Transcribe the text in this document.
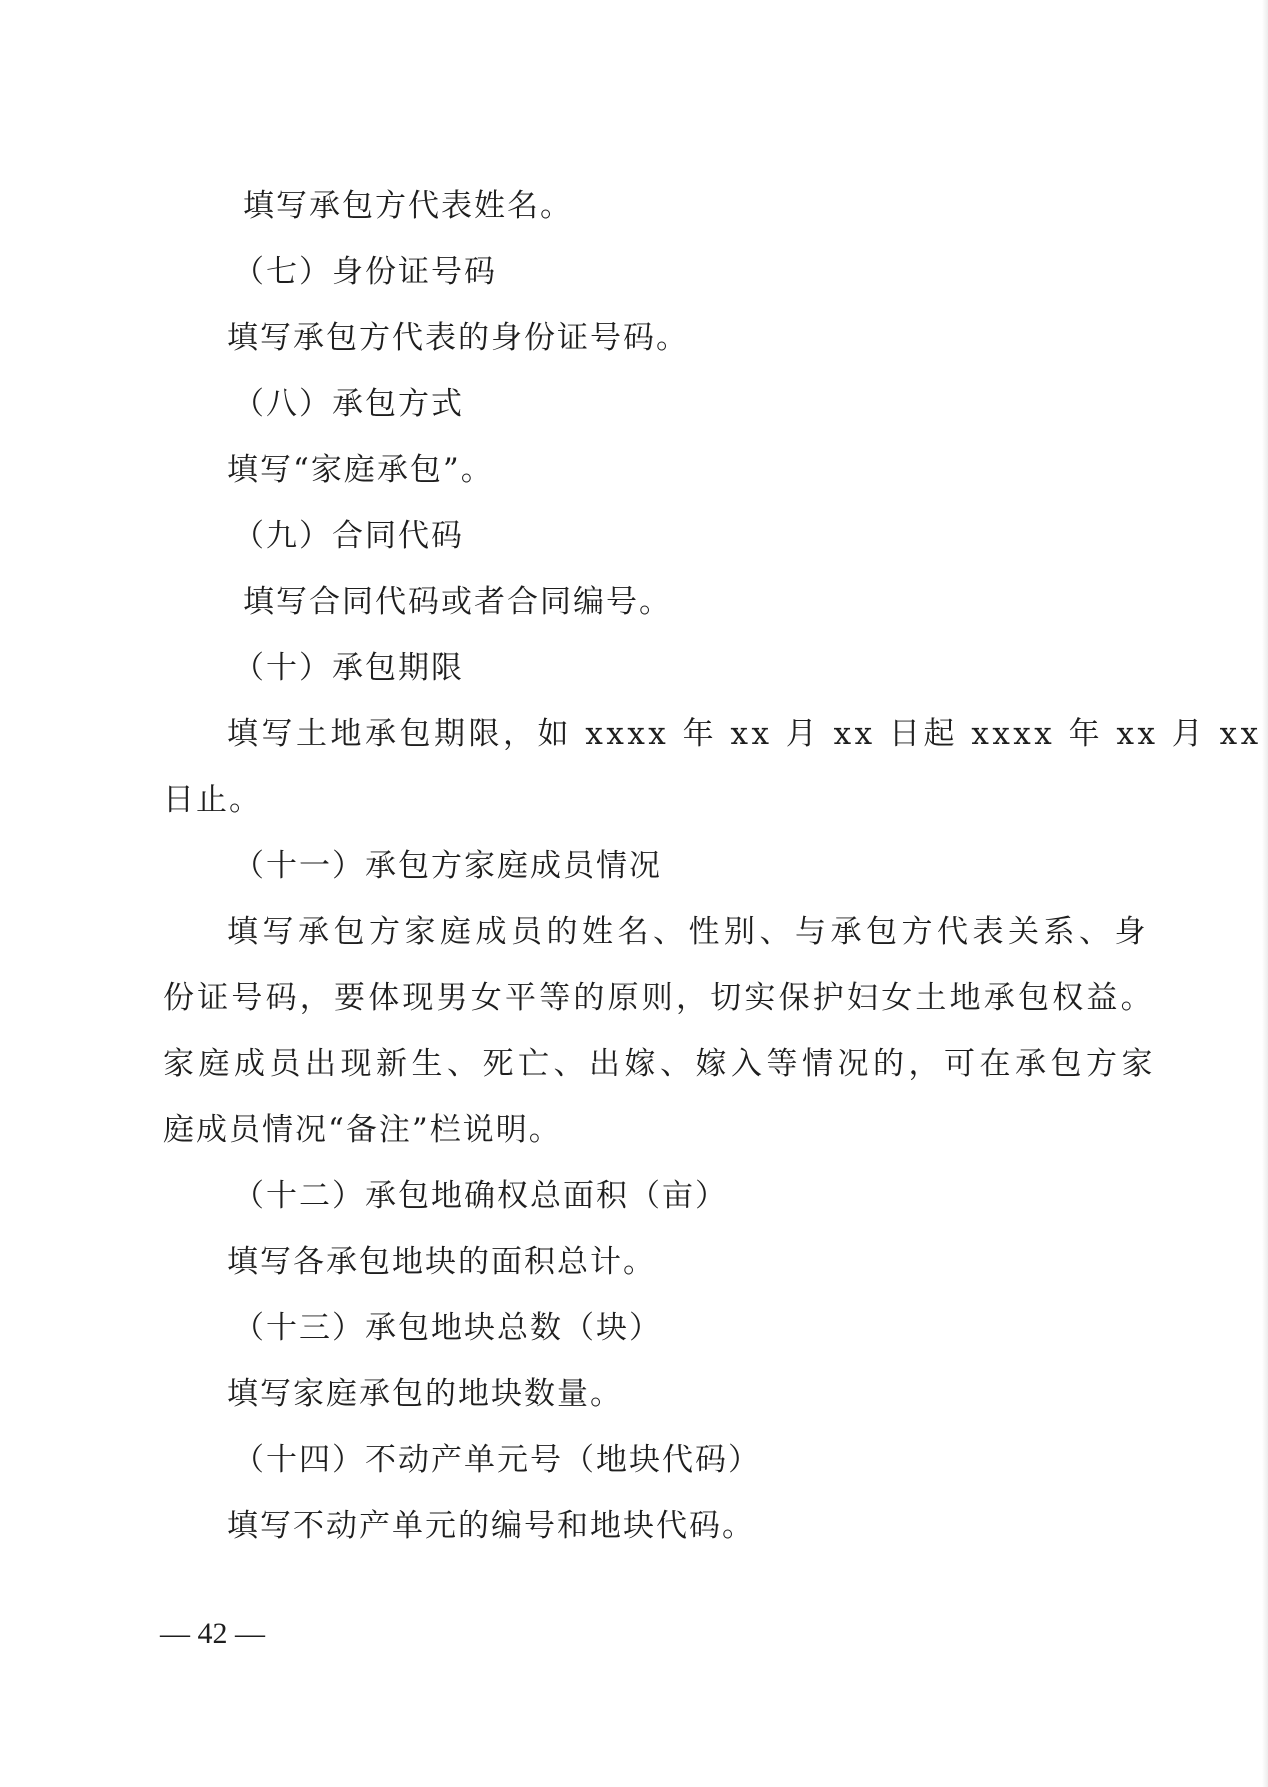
填写承包方代表姓名。
（七）身份证号码
填写承包方代表的身份证号码。
（八）承包方式
填写“家庭承包”。
（九）合同代码
填写合同代码或者合同编号。
（十）承包期限
填写土地承包期限，如 xxxx 年 xx 月 xx 日起 xxxx 年 xx 月 xx
日止。
（十一）承包方家庭成员情况
填写承包方家庭成员的姓名、性别、与承包方代表关系、身
份证号码，要体现男女平等的原则，切实保护妇女土地承包权益。
家庭成员出现新生、死亡、出嫁、嫁入等情况的，可在承包方家
庭成员情况“备注”栏说明。
（十二）承包地确权总面积（亩）
填写各承包地块的面积总计。
（十三）承包地块总数（块）
填写家庭承包的地块数量。
（十四）不动产单元号（地块代码）
填写不动产单元的编号和地块代码。
— 42 —
